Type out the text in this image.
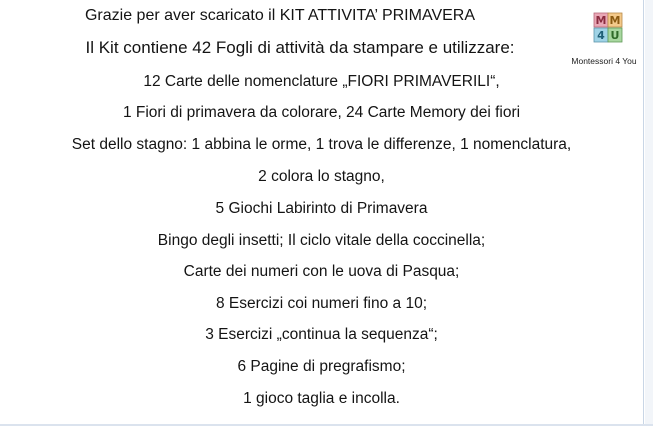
Grazie per aver scaricato il KIT ATTIVITA’ PRIMAVERA
Il Kit contiene 42 Fogli di attività da stampare e utilizzare:
M M
4 U
Montessori 4 You
12 Carte delle nomenclature „FIORI PRIMAVERILI“,
1 Fiori di primavera da colorare, 24 Carte Memory dei fiori
Set dello stagno: 1 abbina le orme, 1 trova le differenze, 1 nomenclatura,
2 colora lo stagno,
5 Giochi Labirinto di Primavera
Bingo degli insetti; Il ciclo vitale della coccinella;
Carte dei numeri con le uova di Pasqua;
8 Esercizi coi numeri fino a 10;
3 Esercizi „continua la sequenza“;
6 Pagine di pregrafismo;
1 gioco taglia e incolla.
